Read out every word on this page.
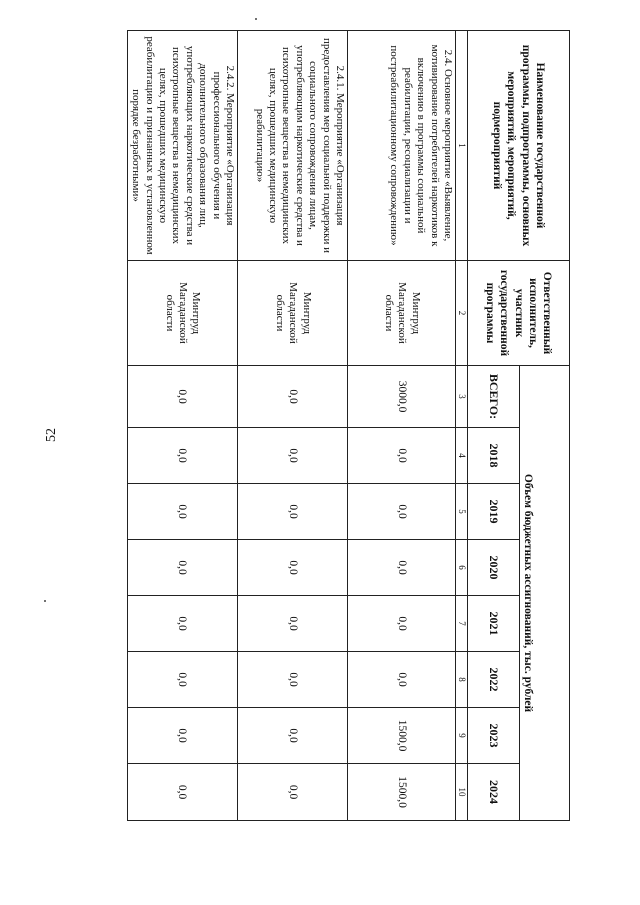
52
Наименование государственной программы, подпрограммы, основных мероприятий, мероприятий, подмероприятий	Ответственный исполнитель, участник государственной программы	Объем бюджетных ассигнований, тыс. рублей							
		ВСЕГО:	2018	2019	2020	2021	2022	2023	2024
1	2	3	4	5	6	7	8	9	10
2.4. Основное мероприятие «Выявление, мотивирование потребителей наркотиков к включению в программы социальной реабилитации, ресоциализации и постреабилитационному сопровождению»	Минтруд Магаданской области	3000,0	0,0	0,0	0,0	0,0	0,0	1500,0	1500,0
2.4.1. Мероприятие «Организация предоставления мер социальной поддержки и социального сопровождения лицам, употребляющим наркотические средства и психотропные вещества в немедицинских целях, прошедших медицинскую реабилитацию»	Минтруд Магаданской области	0,0	0,0	0,0	0,0	0,0	0,0	0,0	0,0
2.4.2. Мероприятие «Организация профессионального обучения и дополнительного образования лиц, употребляющих наркотические средства и психотропные вещества в немедицинских целях, прошедших медицинскую реабилитацию и признанных в установленном порядке безработными»	Минтруд Магаданской области	0,0	0,0	0,0	0,0	0,0	0,0	0,0	0,0
